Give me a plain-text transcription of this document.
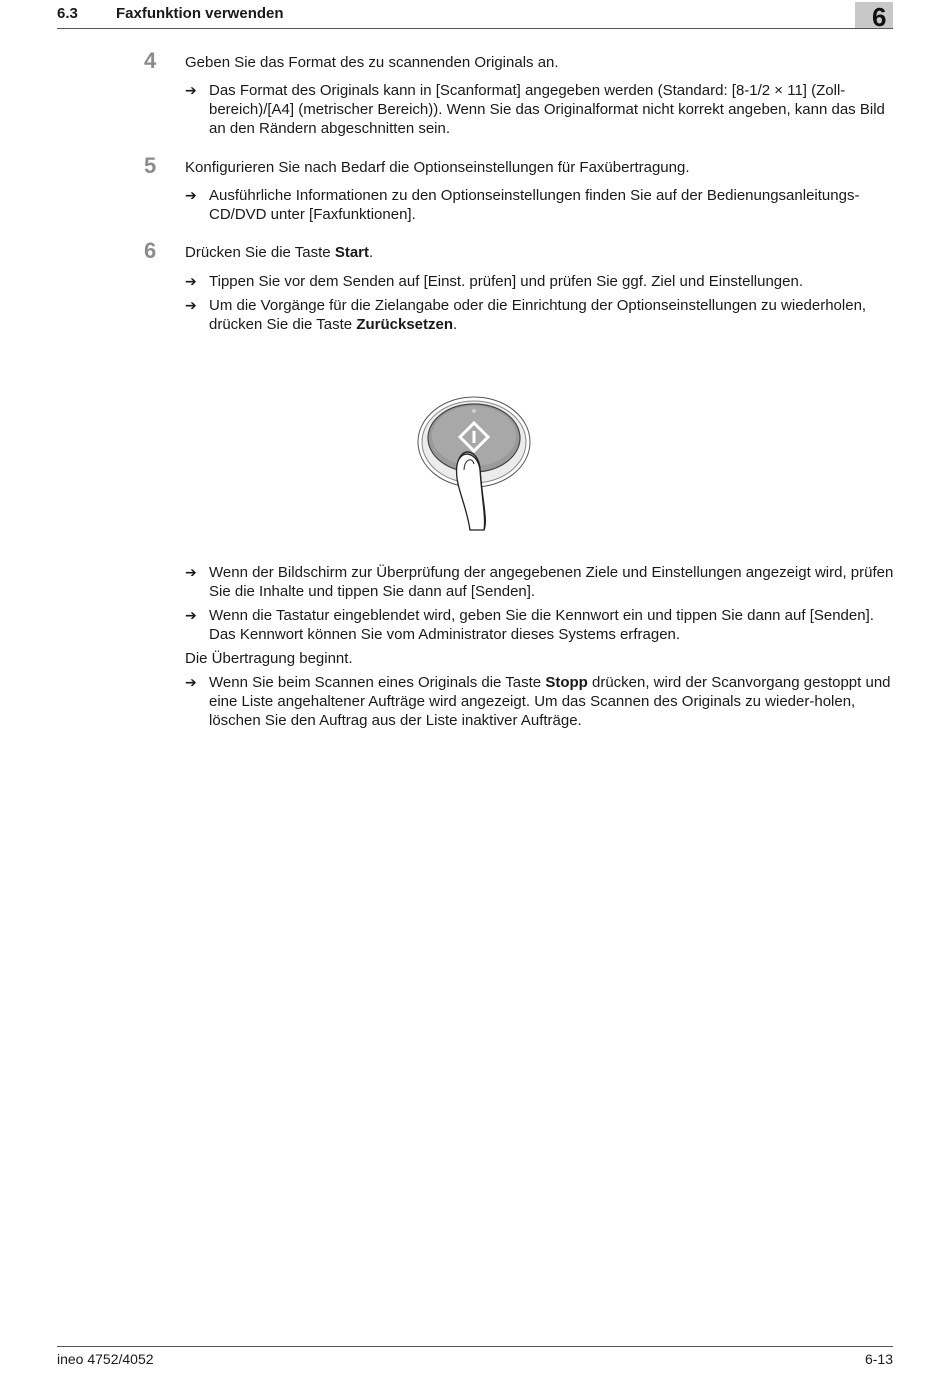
6.3	Faxfunktion verwenden	6
4 Geben Sie das Format des zu scannenden Originals an.
➔ Das Format des Originals kann in [Scanformat] angegeben werden (Standard: [8-1/2 × 11] (Zoll-bereich)/[A4] (metrischer Bereich)). Wenn Sie das Originalformat nicht korrekt angeben, kann das Bild an den Rändern abgeschnitten sein.
5 Konfigurieren Sie nach Bedarf die Optionseinstellungen für Faxübertragung.
➔ Ausführliche Informationen zu den Optionseinstellungen finden Sie auf der Bedienungsanleitungs-CD/DVD unter [Faxfunktionen].
6 Drücken Sie die Taste Start.
➔ Tippen Sie vor dem Senden auf [Einst. prüfen] und prüfen Sie ggf. Ziel und Einstellungen.
➔ Um die Vorgänge für die Zielangabe oder die Einrichtung der Optionseinstellungen zu wiederholen, drücken Sie die Taste Zurücksetzen.
➔ Wenn der Bildschirm zur Überprüfung der angegebenen Ziele und Einstellungen angezeigt wird, prüfen Sie die Inhalte und tippen Sie dann auf [Senden].
➔ Wenn die Tastatur eingeblendet wird, geben Sie die Kennwort ein und tippen Sie dann auf [Senden]. Das Kennwort können Sie vom Administrator dieses Systems erfragen.
Die Übertragung beginnt.
➔ Wenn Sie beim Scannen eines Originals die Taste Stopp drücken, wird der Scanvorgang gestoppt und eine Liste angehaltener Aufträge wird angezeigt. Um das Scannen des Originals zu wieder-holen, löschen Sie den Auftrag aus der Liste inaktiver Aufträge.
ineo 4752/4052	6-13
